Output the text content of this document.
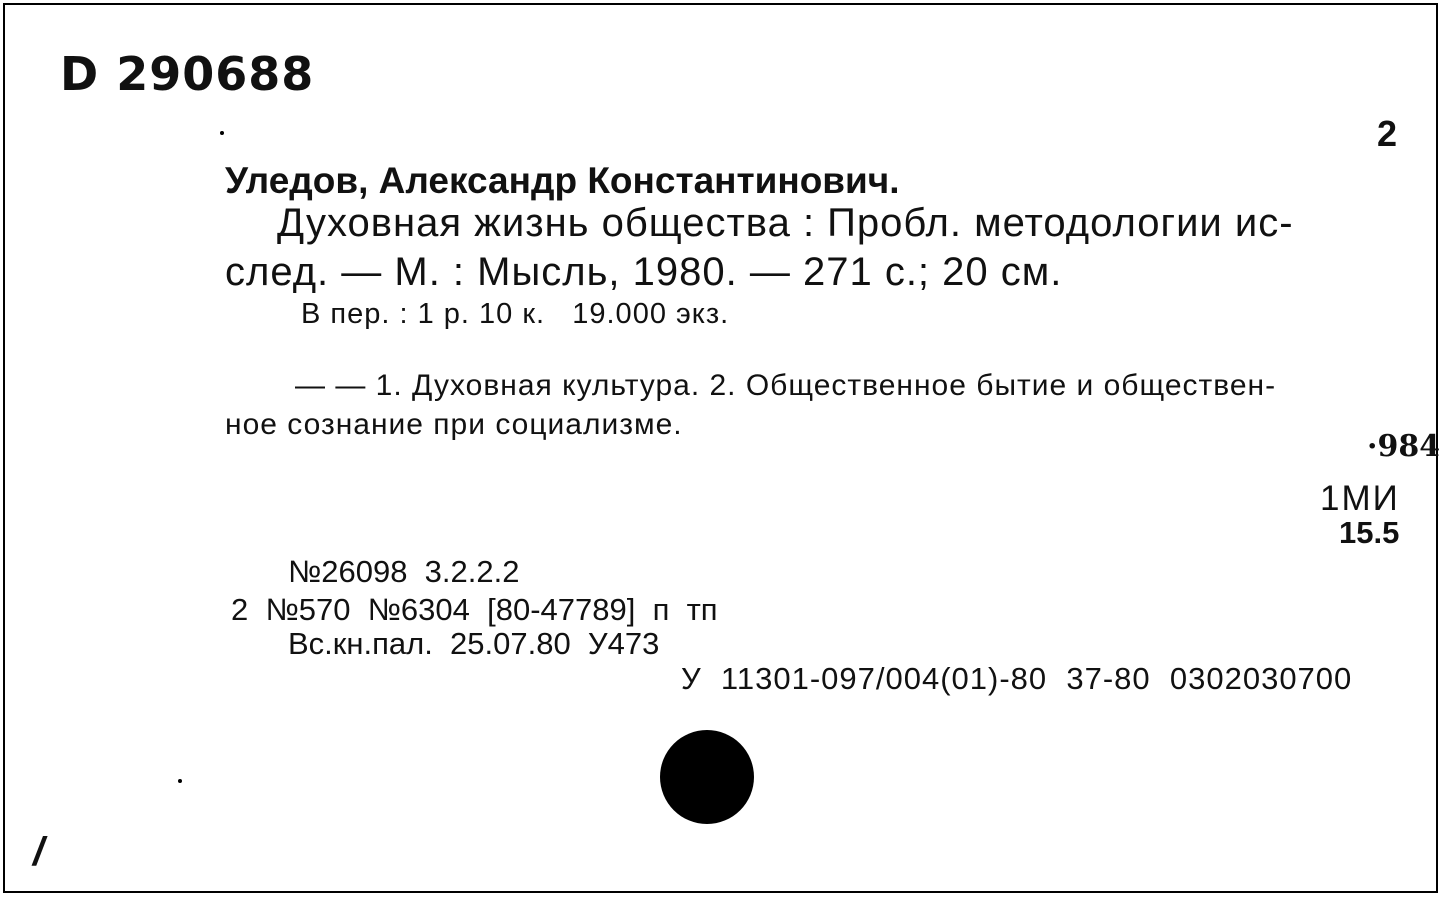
D 290688
2
Уледов, Александр Константинович.
Духовная жизнь общества : Пробл. методологии ис-
след. — М. : Мысль, 1980. — 271 с.; 20 см.
В пер. : 1 р. 10 к.   19.000 экз.
— — 1. Духовная культура. 2. Общественное бытие и обществен-
ное сознание при социализме.
·984
1МИ
15.5
№26098  3.2.2.2
2  №570  №6304  [80-47789]  п  тп
Вс.кн.пал.  25.07.80  У473
У  11301-097/004(01)-80  37-80  0302030700
/
